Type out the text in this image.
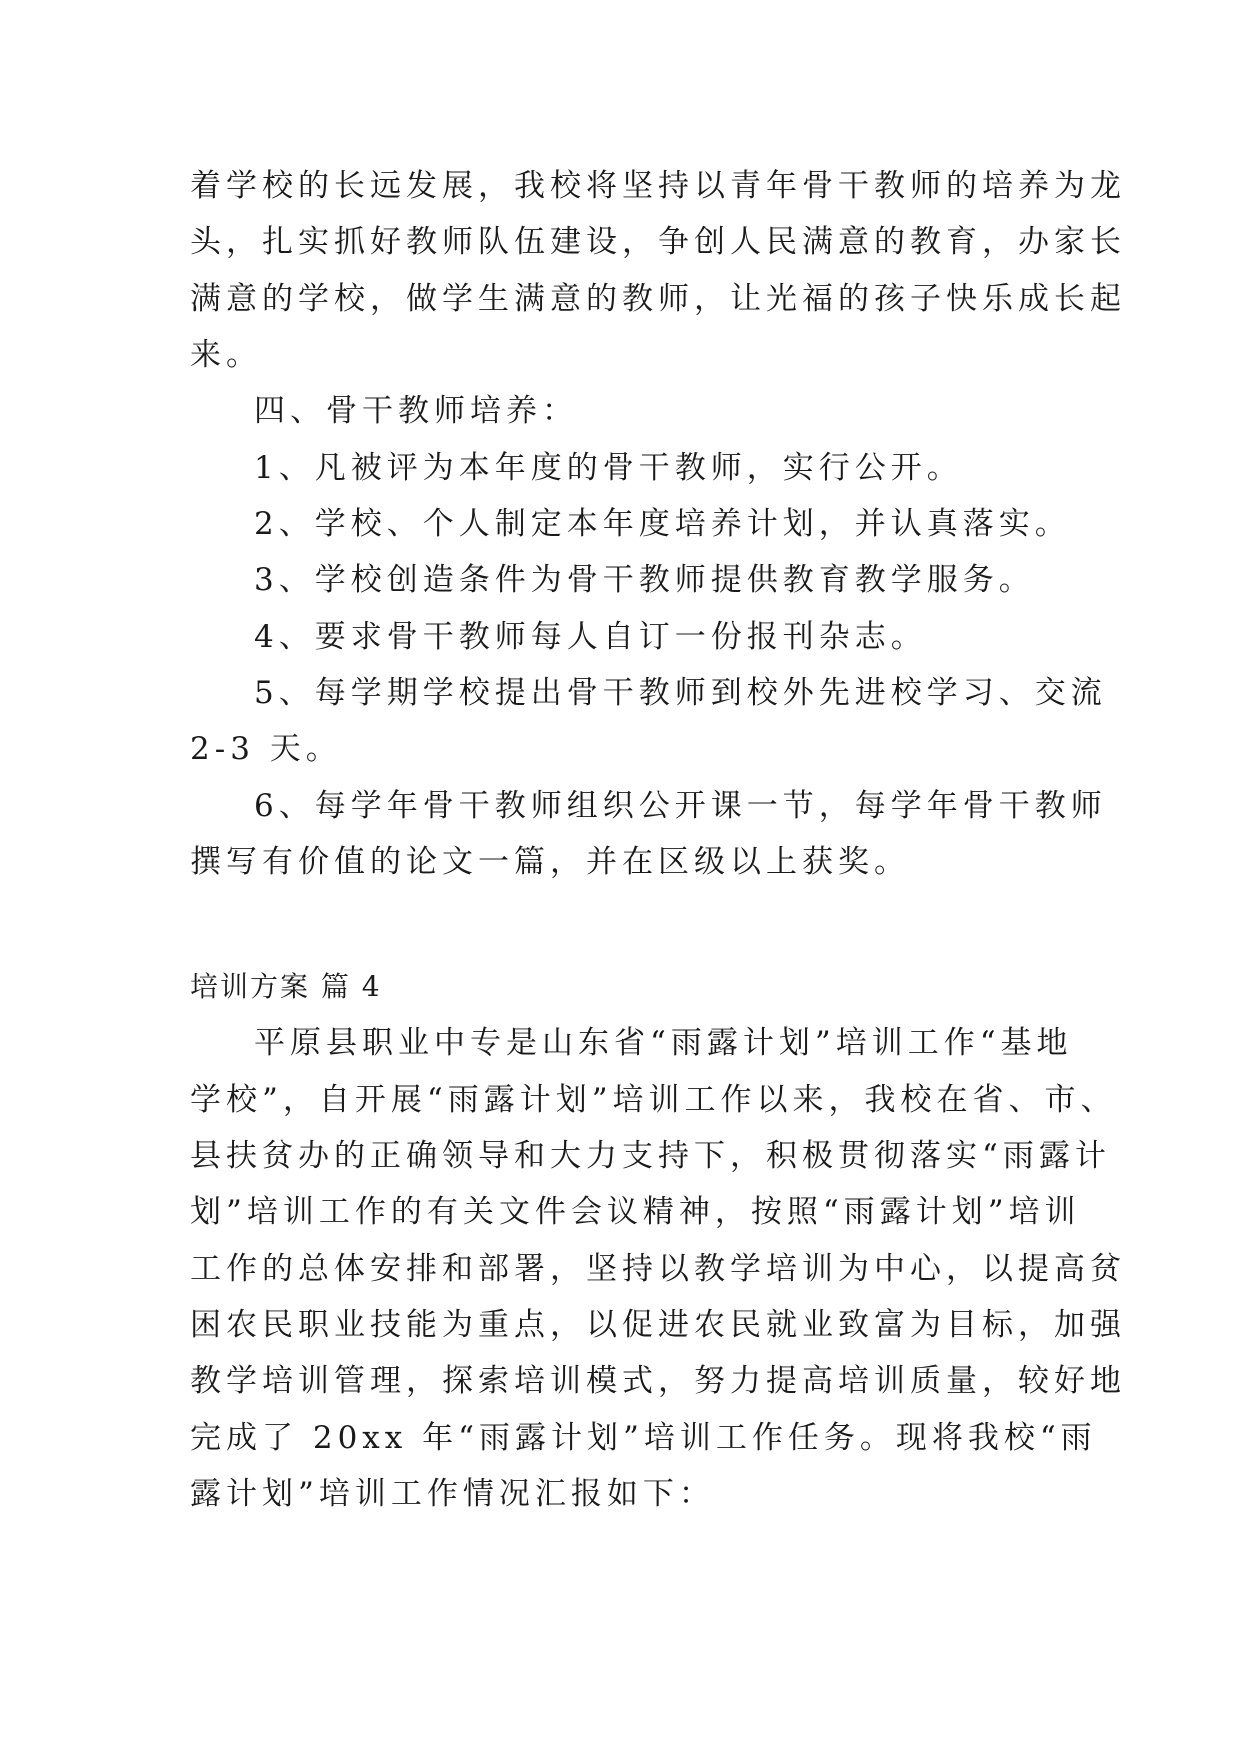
着学校的长远发展，我校将坚持以青年骨干教师的培养为龙
头，扎实抓好教师队伍建设，争创人民满意的教育，办家长
满意的学校，做学生满意的教师，让光福的孩子快乐成长起
来。
四、骨干教师培养：
1、凡被评为本年度的骨干教师，实行公开。
2、学校、个人制定本年度培养计划，并认真落实。
3、学校创造条件为骨干教师提供教育教学服务。
4、要求骨干教师每人自订一份报刊杂志。
5、每学期学校提出骨干教师到校外先进校学习、交流
2-3 天。
6、每学年骨干教师组织公开课一节，每学年骨干教师
撰写有价值的论文一篇，并在区级以上获奖。
培训方案 篇 4
平原县职业中专是山东省“雨露计划”培训工作“基地
学校”，自开展“雨露计划”培训工作以来，我校在省、市、
县扶贫办的正确领导和大力支持下，积极贯彻落实“雨露计
划”培训工作的有关文件会议精神，按照“雨露计划”培训
工作的总体安排和部署，坚持以教学培训为中心，以提高贫
困农民职业技能为重点，以促进农民就业致富为目标，加强
教学培训管理，探索培训模式，努力提高培训质量，较好地
完成了 20xx 年“雨露计划”培训工作任务。现将我校“雨
露计划”培训工作情况汇报如下：
